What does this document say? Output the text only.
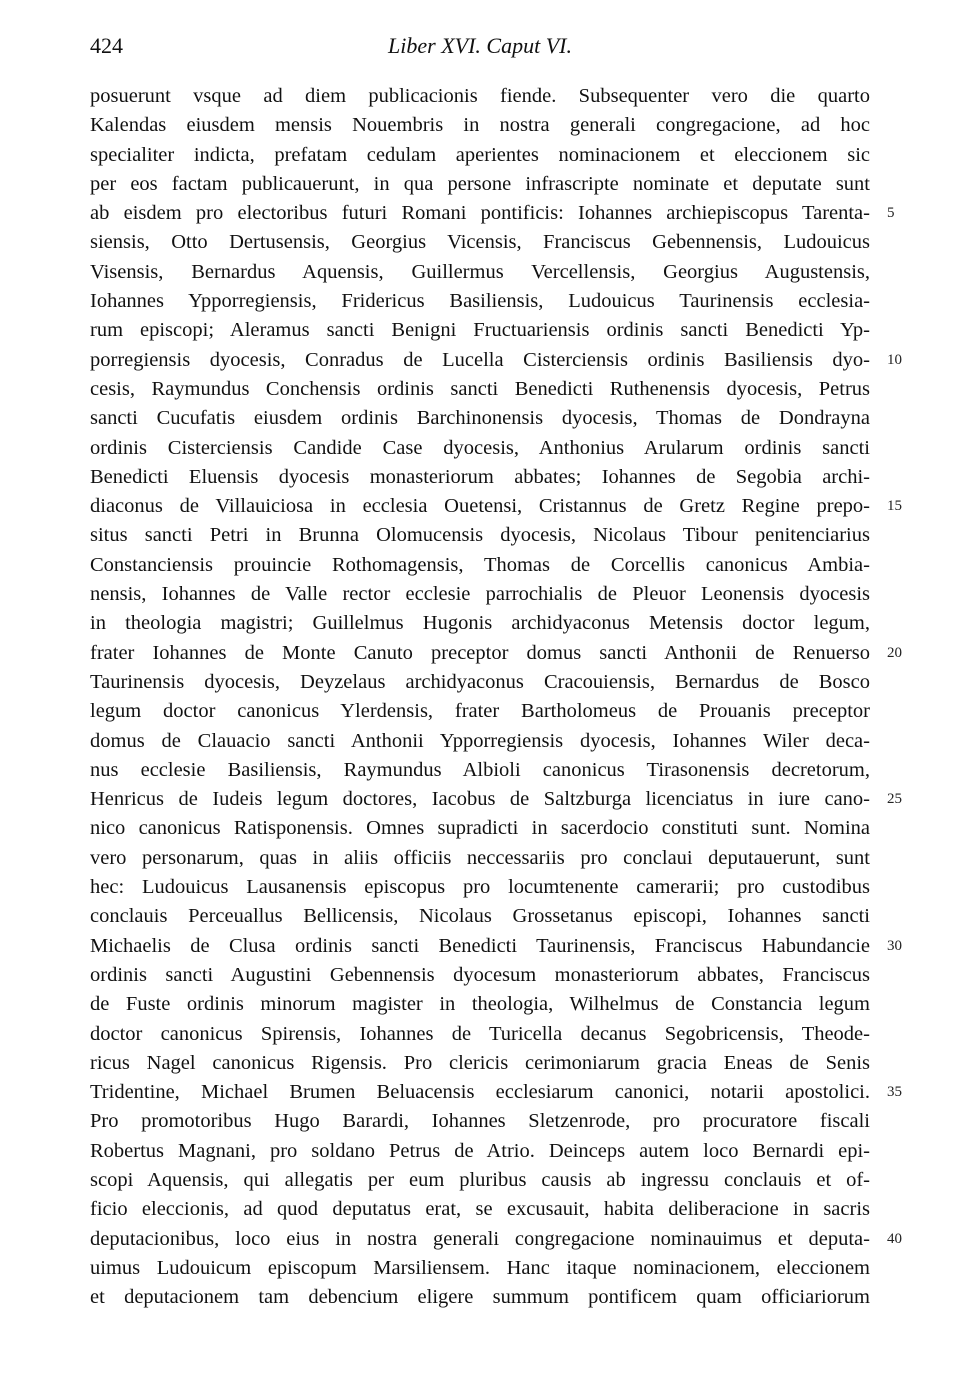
424	Liber XVI. Caput VI.
posuerunt vsque ad diem publicacionis fiende. Subsequenter vero die quarto
Kalendas eiusdem mensis Nouembris in nostra generali congregacione, ad hoc
specialiter indicta, prefatam cedulam aperientes nominacionem et eleccionem sic
per eos factam publicauerunt, in qua persone infrascripte nominate et deputate sunt
ab eisdem pro electoribus futuri Romani pontificis: Iohannes archiepiscopus Tarenta- 5
siensis, Otto Dertusensis, Georgius Vicensis, Franciscus Gebennensis, Ludouicus
Visensis, Bernardus Aquensis, Guillermus Vercellensis, Georgius Augustensis,
Iohannes Ypporregiensis, Fridericus Basiliensis, Ludouicus Taurinensis ecclesia-
rum episcopi; Aleramus sancti Benigni Fructuariensis ordinis sancti Benedicti Yp-
porregiensis dyocesis, Conradus de Lucella Cisterciensis ordinis Basiliensis dyo- 10
cesis, Raymundus Conchensis ordinis sancti Benedicti Ruthenensis dyocesis, Petrus
sancti Cucufatis eiusdem ordinis Barchinonensis dyocesis, Thomas de Dondrayna
ordinis Cisterciensis Candide Case dyocesis, Anthonius Arularum ordinis sancti
Benedicti Eluensis dyocesis monasteriorum abbates; Iohannes de Segobia archi-
diaconus de Villauiciosa in ecclesia Ouetensi, Cristannus de Gretz Regine prepo- 15
situs sancti Petri in Brunna Olomucensis dyocesis, Nicolaus Tibour penitenciarius
Constanciensis prouincie Rothomagensis, Thomas de Corcellis canonicus Ambia-
nensis, Iohannes de Valle rector ecclesie parrochialis de Pleuor Leonensis dyocesis
in theologia magistri; Guillelmus Hugonis archidyaconus Metensis doctor legum,
frater Iohannes de Monte Canuto preceptor domus sancti Anthonii de Renuerso 20
Taurinensis dyocesis, Deyzelaus archidyaconus Cracouiensis, Bernardus de Bosco
legum doctor canonicus Ylerdensis, frater Bartholomeus de Prouanis preceptor
domus de Clauacio sancti Anthonii Ypporregiensis dyocesis, Iohannes Wiler deca-
nus ecclesie Basiliensis, Raymundus Albioli canonicus Tirasonensis decretorum,
Henricus de Iudeis legum doctores, Iacobus de Saltzburga licenciatus in iure cano- 25
nico canonicus Ratisponensis. Omnes supradicti in sacerdocio constituti sunt. Nomina
vero personarum, quas in aliis officiis neccessariis pro conclaui deputauerunt, sunt
hec: Ludouicus Lausanensis episcopus pro locumtenente camerarii; pro custodibus
conclauis Perceuallus Bellicensis, Nicolaus Grossetanus episcopi, Iohannes sancti
Michaelis de Clusa ordinis sancti Benedicti Taurinensis, Franciscus Habundancie 30
ordinis sancti Augustini Gebennensis dyocesum monasteriorum abbates, Franciscus
de Fuste ordinis minorum magister in theologia, Wilhelmus de Constancia legum
doctor canonicus Spirensis, Iohannes de Turicella decanus Segobricensis, Theode-
ricus Nagel canonicus Rigensis. Pro clericis cerimoniarum gracia Eneas de Senis
Tridentine, Michael Brumen Beluacensis ecclesiarum canonici, notarii apostolici. 35
Pro promotoribus Hugo Barardi, Iohannes Sletzenrode, pro procuratore fiscali
Robertus Magnani, pro soldano Petrus de Atrio. Deinceps autem loco Bernardi epi-
scopi Aquensis, qui allegatis per eum pluribus causis ab ingressu conclauis et of-
ficio eleccionis, ad quod deputatus erat, se excusauit, habita deliberacione in sacris
deputacionibus, loco eius in nostra generali congregacione nominauimus et deputa- 40
uimus Ludouicum episcopum Marsiliensem. Hanc itaque nominacionem, eleccionem
et deputacionem tam debencium eligere summum pontificem quam officiariorum
